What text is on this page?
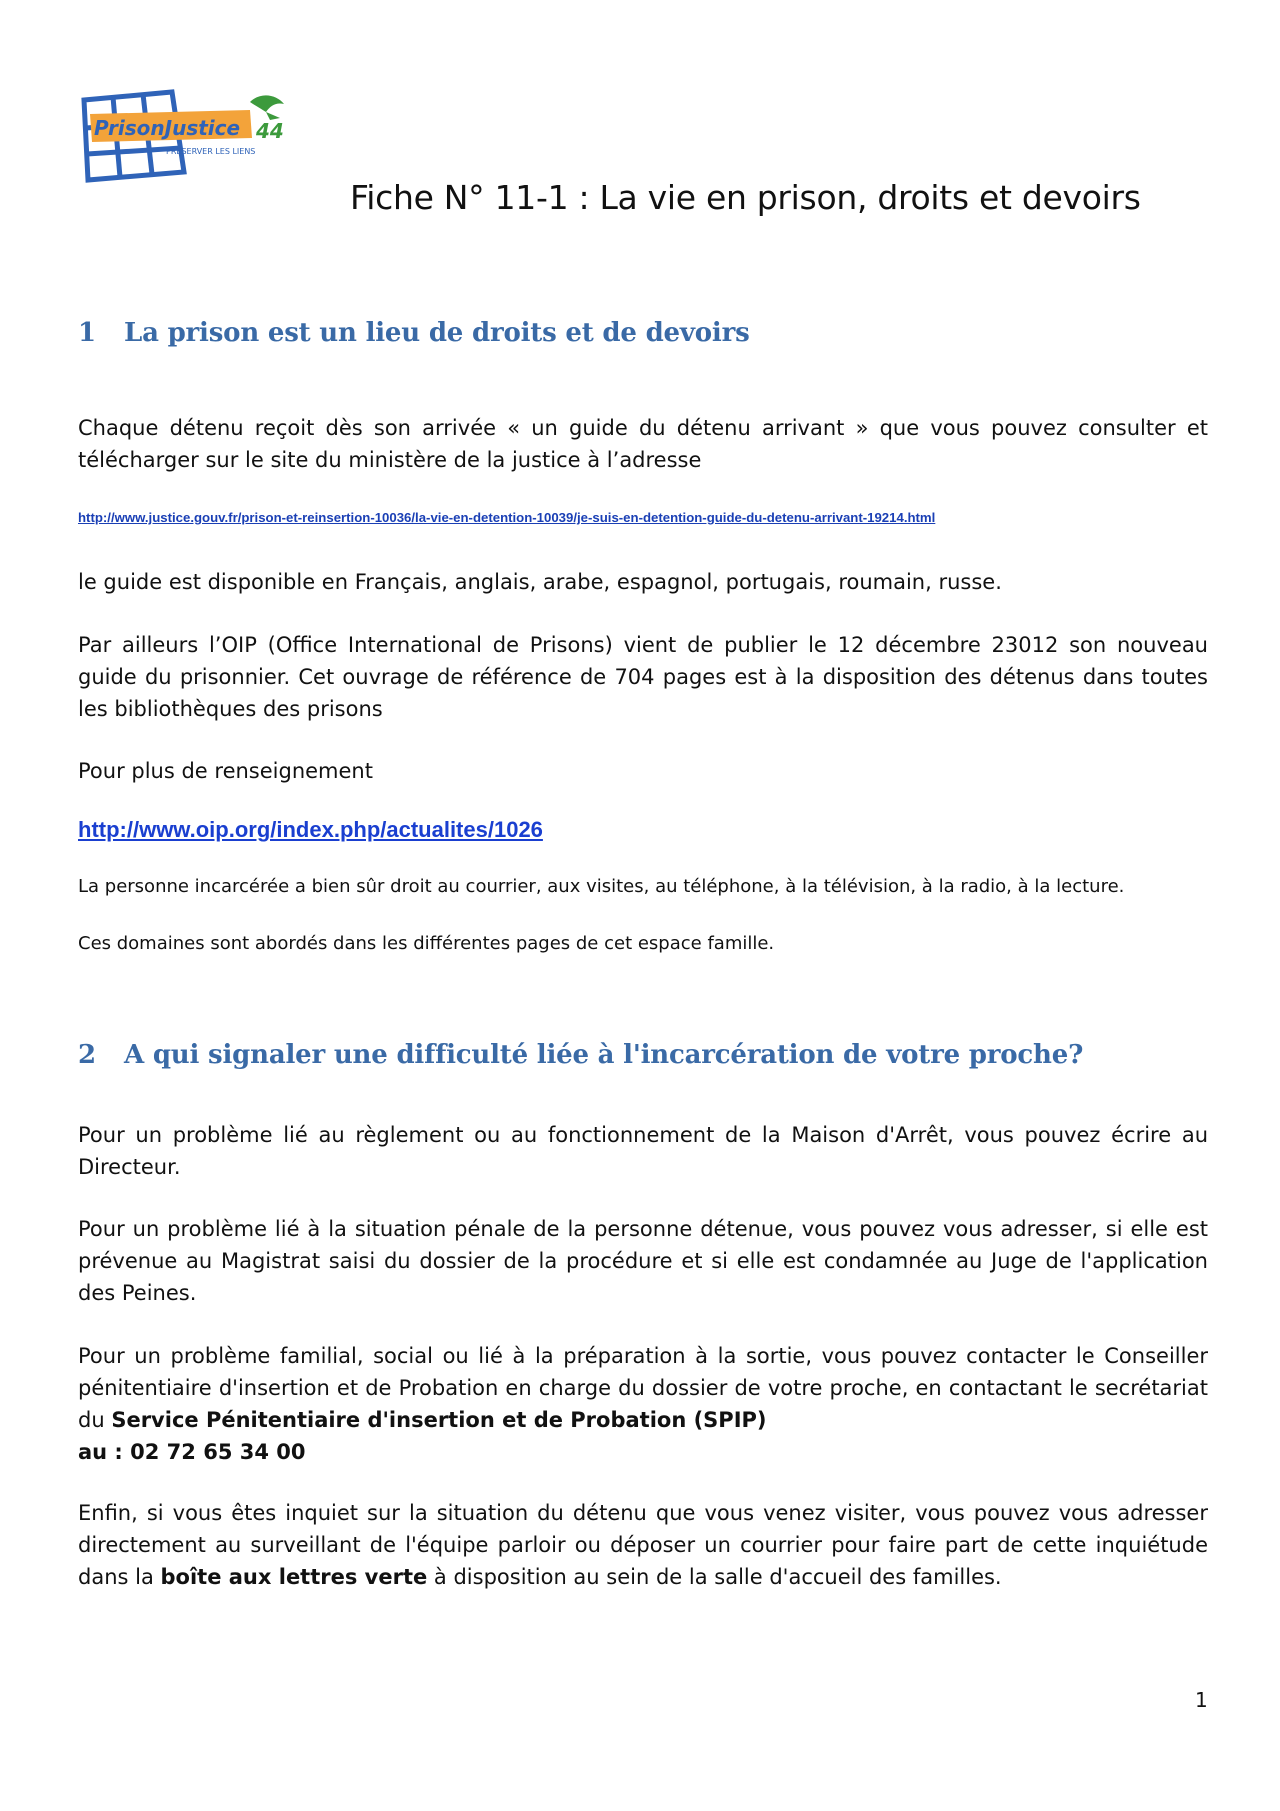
PrisonJustice 44
PRESERVER LES LIENS
Fiche N° 11-1 : La vie en prison, droits et devoirs
1 La prison est un lieu de droits et de devoirs

Chaque détenu reçoit dès son arrivée « un guide du détenu arrivant » que vous pouvez consulter et télécharger sur le site du ministère de la justice à l’adresse

http://www.justice.gouv.fr/prison-et-reinsertion-10036/la-vie-en-detention-10039/je-suis-en-detention-guide-du-detenu-arrivant-19214.html

le guide est disponible en Français, anglais, arabe, espagnol, portugais, roumain, russe.

Par ailleurs l’OIP (Office International de Prisons) vient de publier le 12 décembre 23012 son nouveau guide du prisonnier. Cet ouvrage de référence de 704 pages est à la disposition des détenus dans toutes les bibliothèques des prisons

Pour plus de renseignement

http://www.oip.org/index.php/actualites/1026

La personne incarcérée a bien sûr droit au courrier, aux visites, au téléphone, à la télévision, à la radio, à la lecture.

Ces domaines sont abordés dans les différentes pages de cet espace famille.

2 A qui signaler une difficulté liée à l'incarcération de votre proche?

Pour un problème lié au règlement ou au fonctionnement de la Maison d'Arrêt, vous pouvez écrire au Directeur.

Pour un problème lié à la situation pénale de la personne détenue, vous pouvez vous adresser, si elle est prévenue au Magistrat saisi du dossier de la procédure et si elle est condamnée au Juge de l'application des Peines.

Pour un problème familial, social ou lié à la préparation à la sortie, vous pouvez contacter le Conseiller pénitentiaire d'insertion et de Probation en charge du dossier de votre proche, en contactant le secrétariat du Service Pénitentiaire d'insertion et de Probation (SPIP)
au : 02 72 65 34 00

Enfin, si vous êtes inquiet sur la situation du détenu que vous venez visiter, vous pouvez vous adresser directement au surveillant de l'équipe parloir ou déposer un courrier pour faire part de cette inquiétude dans la boîte aux lettres verte à disposition au sein de la salle d'accueil des familles.

1
